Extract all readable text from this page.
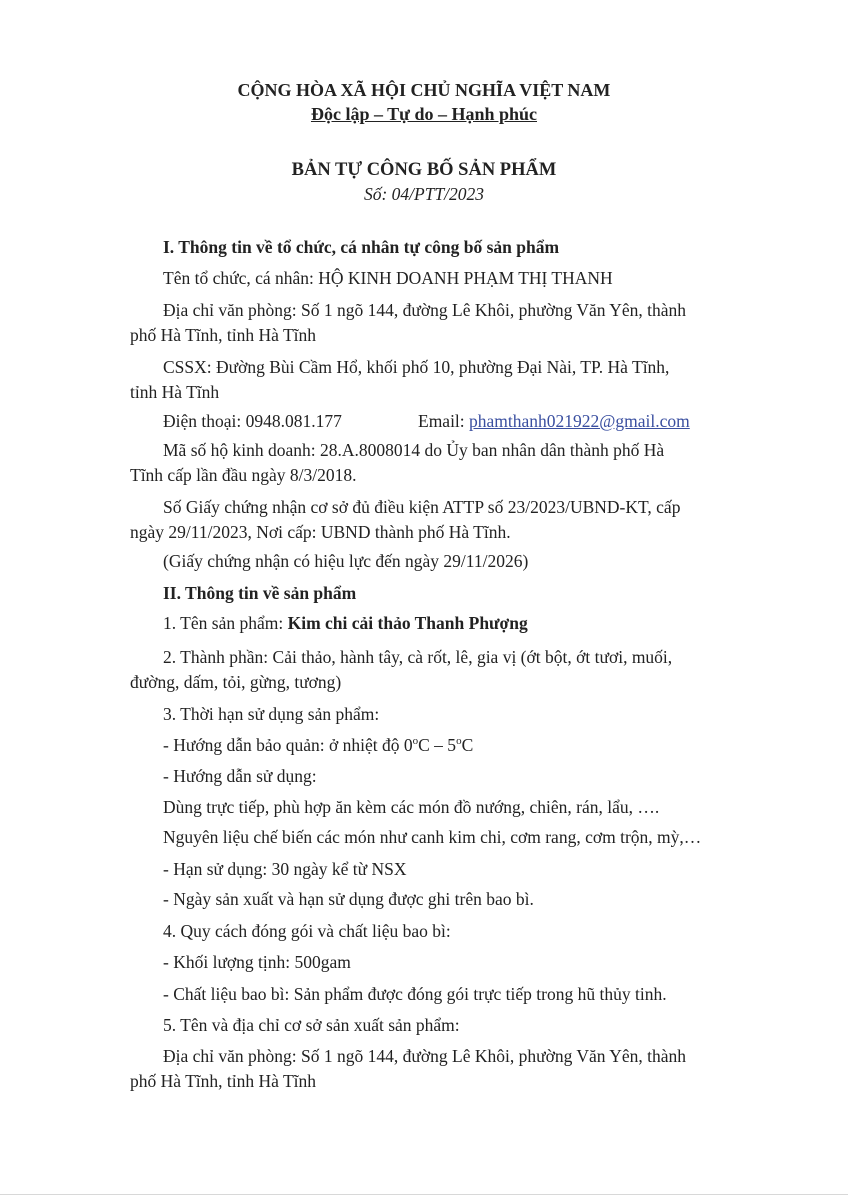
CỘNG HÒA XÃ HỘI CHỦ NGHĨA VIỆT NAM
Độc lập – Tự do – Hạnh phúc
BẢN TỰ CÔNG BỐ SẢN PHẨM
Số: 04/PTT/2023
I. Thông tin về tổ chức, cá nhân tự công bố sản phẩm
Tên tổ chức, cá nhân: HỘ KINH DOANH PHẠM THỊ THANH
Địa chỉ văn phòng: Số 1 ngõ 144, đường Lê Khôi, phường Văn Yên, thành
phố Hà Tĩnh, tỉnh Hà Tĩnh
CSSX: Đường Bùi Cầm Hổ, khối phố 10, phường Đại Nài, TP. Hà Tĩnh,
tỉnh Hà Tĩnh
Điện thoại: 0948.081.177	Email: phamthanh021922@gmail.com
Mã số hộ kinh doanh: 28.A.8008014 do Ủy ban nhân dân thành phố Hà
Tĩnh cấp lần đầu ngày 8/3/2018.
Số Giấy chứng nhận cơ sở đủ điều kiện ATTP số 23/2023/UBND-KT, cấp
ngày 29/11/2023, Nơi cấp: UBND thành phố Hà Tĩnh.
(Giấy chứng nhận có hiệu lực đến ngày 29/11/2026)
II. Thông tin về sản phẩm
1. Tên sản phẩm: Kim chi cải thảo Thanh Phượng
2. Thành phần: Cải thảo, hành tây, cà rốt, lê, gia vị (ớt bột, ớt tươi, muối,
đường, dấm, tỏi, gừng, tương)
3. Thời hạn sử dụng sản phẩm:
- Hướng dẫn bảo quản: ở nhiệt độ 0$^o$C – 5$^o$C
- Hướng dẫn sử dụng:
Dùng trực tiếp, phù hợp ăn kèm các món đồ nướng, chiên, rán, lẩu, ….
Nguyên liệu chế biến các món như canh kim chi, cơm rang, cơm trộn, mỳ,…
- Hạn sử dụng: 30 ngày kể từ NSX
- Ngày sản xuất và hạn sử dụng được ghi trên bao bì.
4. Quy cách đóng gói và chất liệu bao bì:
- Khối lượng tịnh: 500gam
- Chất liệu bao bì: Sản phẩm được đóng gói trực tiếp trong hũ thủy tinh.
5. Tên và địa chỉ cơ sở sản xuất sản phẩm:
Địa chỉ văn phòng: Số 1 ngõ 144, đường Lê Khôi, phường Văn Yên, thành
phố Hà Tĩnh, tỉnh Hà Tĩnh
